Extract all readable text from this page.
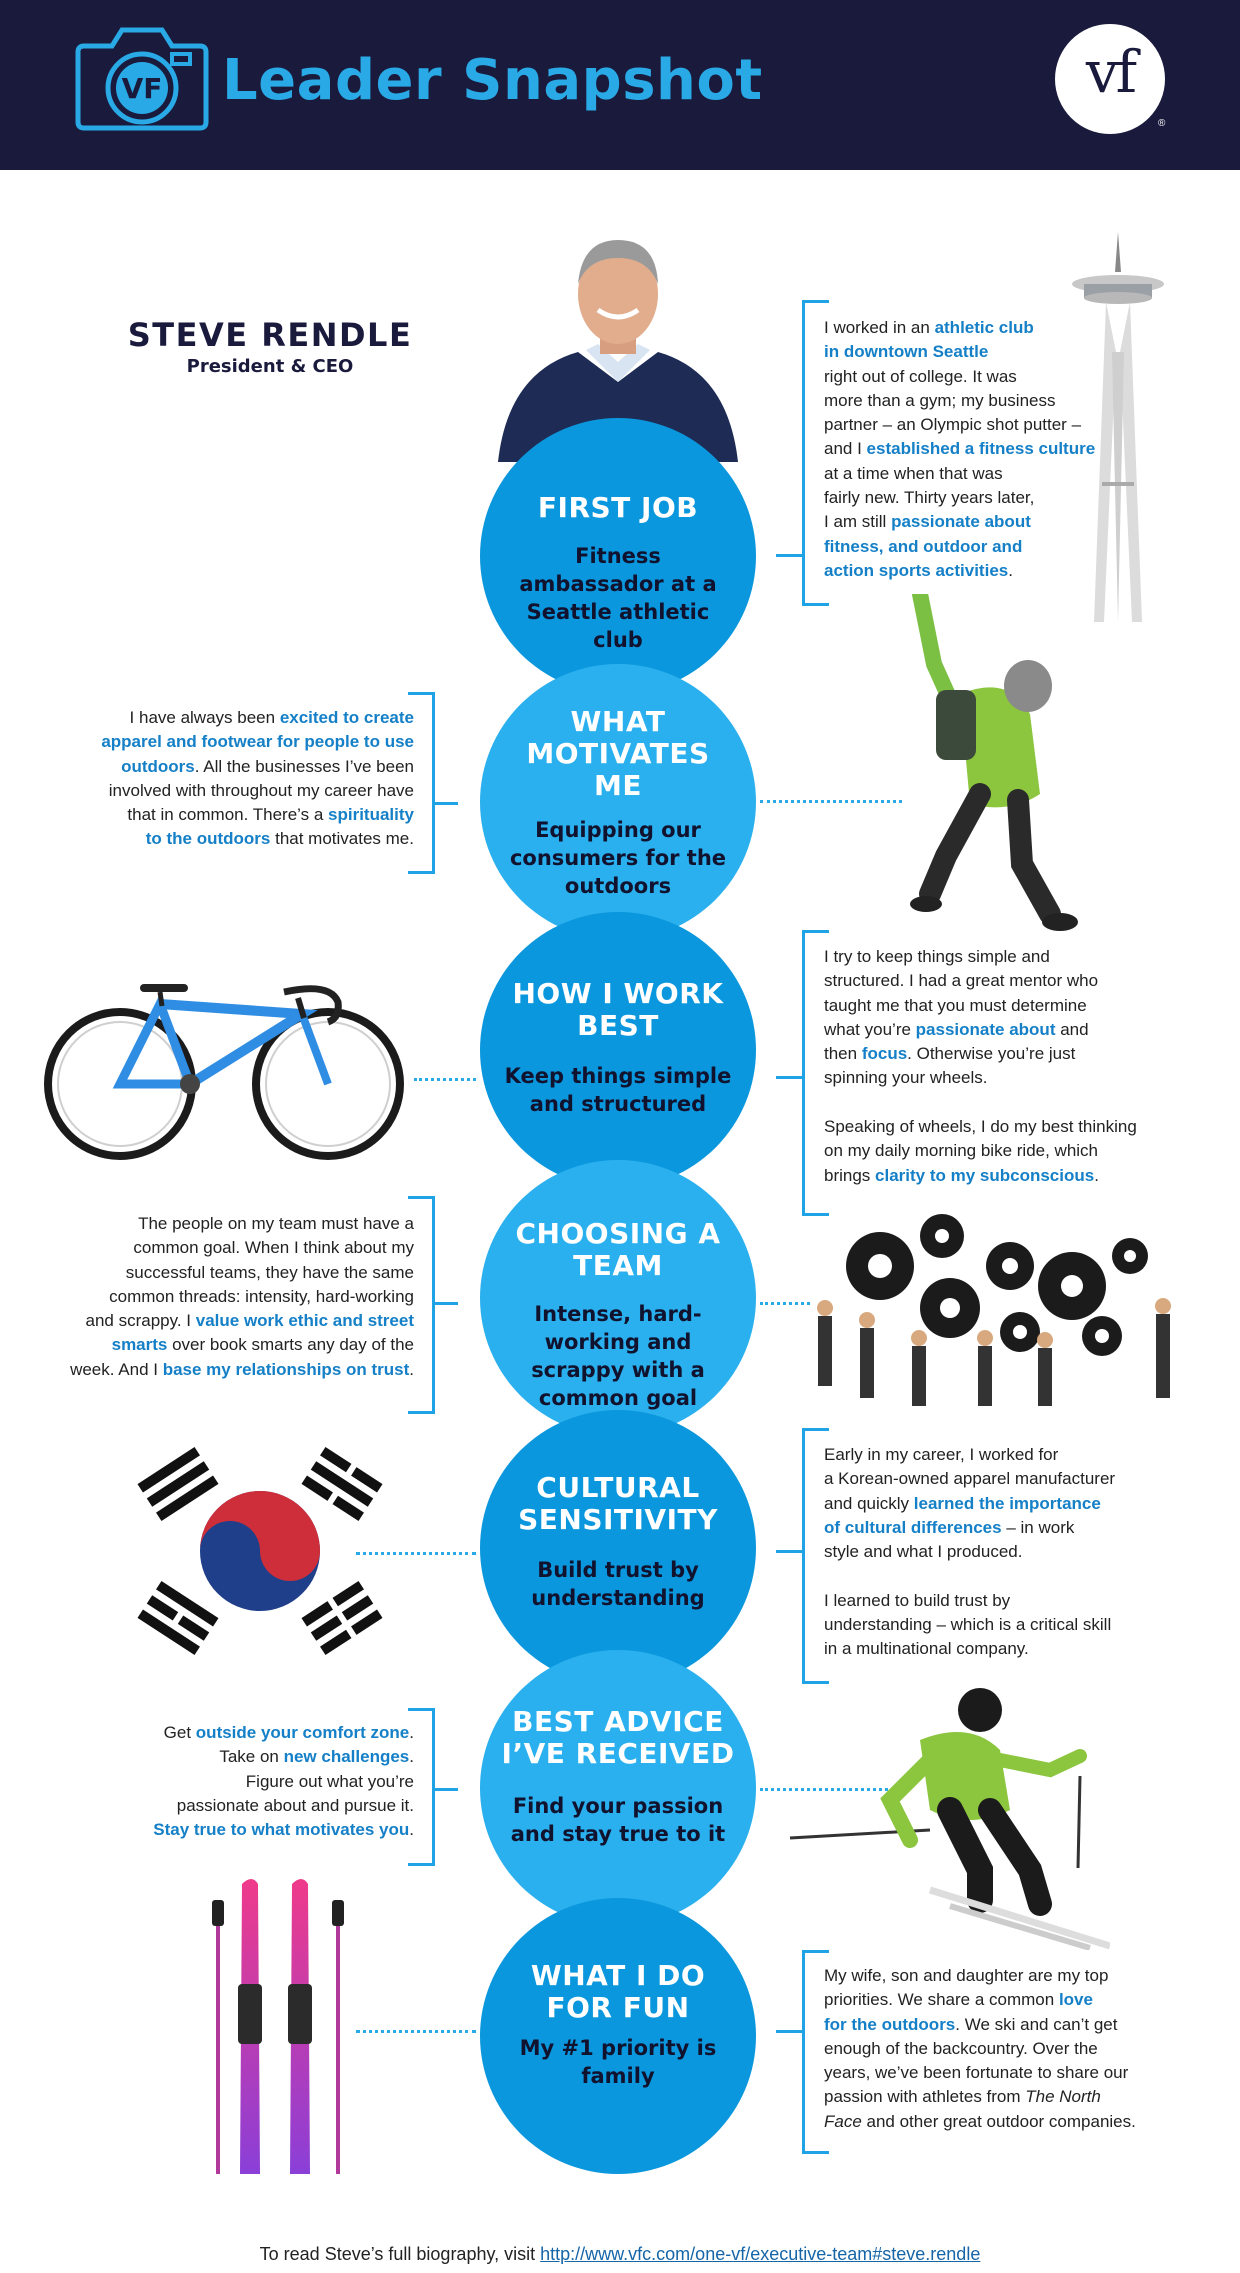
VF Leader Snapshot	vf
®
STEVE RENDLE
President & CEO
FIRST JOB
Fitness ambassador at a Seattle athletic club
I worked in an athletic club
in downtown Seattle
right out of college. It was
more than a gym; my business
partner – an Olympic shot putter –
and I established a fitness culture
at a time when that was
fairly new. Thirty years later,
I am still passionate about
fitness, and outdoor and
action sports activities.
WHAT MOTIVATES ME
Equipping our consumers for the outdoors
I have always been excited to create
apparel and footwear for people to use
outdoors. All the businesses I’ve been
involved with throughout my career have
that in common. There’s a spirituality
to the outdoors that motivates me.
HOW I WORK BEST
Keep things simple and structured
I try to keep things simple and
structured. I had a great mentor who
taught me that you must determine
what you’re passionate about and
then focus. Otherwise you’re just
spinning your wheels.

Speaking of wheels, I do my best thinking
on my daily morning bike ride, which
brings clarity to my subconscious.
CHOOSING A TEAM
Intense, hard-working and scrappy with a common goal
The people on my team must have a
common goal. When I think about my
successful teams, they have the same
common threads: intensity, hard-working
and scrappy. I value work ethic and street
smarts over book smarts any day of the
week. And I base my relationships on trust.
CULTURAL SENSITIVITY
Build trust by understanding
Early in my career, I worked for
a Korean-owned apparel manufacturer
and quickly learned the importance
of cultural differences – in work
style and what I produced.

I learned to build trust by
understanding – which is a critical skill
in a multinational company.
BEST ADVICE I’VE RECEIVED
Find your passion and stay true to it
Get outside your comfort zone.
Take on new challenges.
Figure out what you’re
passionate about and pursue it.
Stay true to what motivates you.
WHAT I DO FOR FUN
My #1 priority is family
My wife, son and daughter are my top
priorities. We share a common love
for the outdoors. We ski and can’t get
enough of the backcountry. Over the
years, we’ve been fortunate to share our
passion with athletes from The North
Face and other great outdoor companies.
To read Steve’s full biography, visit http://www.vfc.com/one-vf/executive-team#steve.rendle
